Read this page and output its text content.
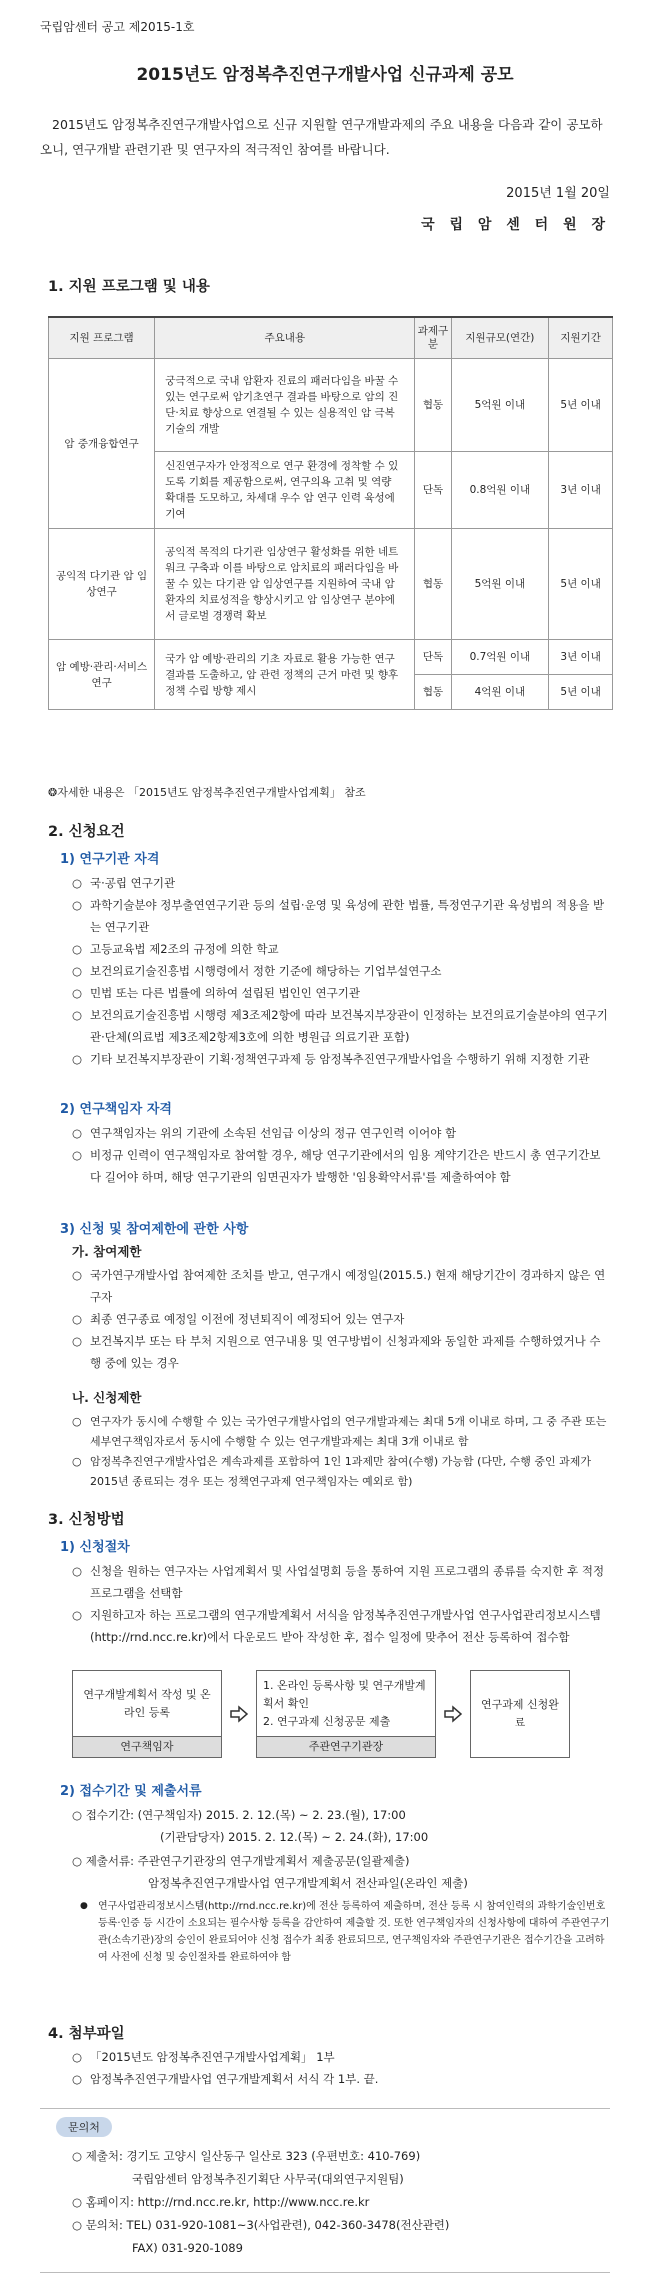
국립암센터 공고 제2015-1호
2015년도 암정복추진연구개발사업 신규과제 공모
2015년도 암정복추진연구개발사업으로 신규 지원할 연구개발과제의 주요 내용을 다음과 같이 공모하오니, 연구개발 관련기관 및 연구자의 적극적인 참여를 바랍니다.
2015년 1월 20일
국 립 암 센 터 원 장
1. 지원 프로그램 및 내용
지원 프로그램	주요내용	과제구분	지원규모(연간)	지원기간
암 중개융합연구	궁극적으로 국내 암환자 진료의 패러다임을 바꿀 수 있는 연구로써 암기초연구 결과를 바탕으로 암의 진단·치료 향상으로 연결될 수 있는 실용적인 암 극복 기술의 개발	협동	5억원 이내	5년 이내
	신진연구자가 안정적으로 연구 환경에 정착할 수 있도록 기회를 제공함으로써, 연구의욕 고취 및 역량 확대를 도모하고, 차세대 우수 암 연구 인력 육성에 기여	단독	0.8억원 이내	3년 이내
공익적 다기관 암 임상연구	공익적 목적의 다기관 임상연구 활성화를 위한 네트워크 구축과 이를 바탕으로 암치료의 패러다임을 바꿀 수 있는 다기관 암 임상연구를 지원하여 국내 암환자의 치료성적을 향상시키고 암 임상연구 분야에서 글로벌 경쟁력 확보	협동	5억원 이내	5년 이내
암 예방·관리·서비스 연구	국가 암 예방·관리의 기초 자료로 활용 가능한 연구결과를 도출하고, 암 관련 정책의 근거 마련 및 향후 정책 수립 방향 제시	단독	0.7억원 이내	3년 이내
		협동	4억원 이내	5년 이내
❂자세한 내용은 「2015년도 암정복추진연구개발사업계획」 참조
2. 신청요건
1) 연구기관 자격
○ 국·공립 연구기관
○ 과학기술분야 정부출연연구기관 등의 설립·운영 및 육성에 관한 법률, 특정연구기관 육성법의 적용을 받는 연구기관
○ 고등교육법 제2조의 규정에 의한 학교
○ 보건의료기술진흥법 시행령에서 정한 기준에 해당하는 기업부설연구소
○ 민법 또는 다른 법률에 의하여 설립된 법인인 연구기관
○ 보건의료기술진흥법 시행령 제3조제2항에 따라 보건복지부장관이 인정하는 보건의료기술분야의 연구기관·단체(의료법 제3조제2항제3호에 의한 병원급 의료기관 포함)
○ 기타 보건복지부장관이 기획·정책연구과제 등 암정복추진연구개발사업을 수행하기 위해 지정한 기관
2) 연구책임자 자격
○ 연구책임자는 위의 기관에 소속된 선임급 이상의 정규 연구인력 이어야 함
○ 비정규 인력이 연구책임자로 참여할 경우, 해당 연구기관에서의 임용 계약기간은 반드시 총 연구기간보다 길어야 하며, 해당 연구기관의 임면권자가 발행한 '임용확약서류'를 제출하여야 함
3) 신청 및 참여제한에 관한 사항
가. 참여제한
○ 국가연구개발사업 참여제한 조치를 받고, 연구개시 예정일(2015.5.) 현재 해당기간이 경과하지 않은 연구자
○ 최종 연구종료 예정일 이전에 정년퇴직이 예정되어 있는 연구자
○ 보건복지부 또는 타 부처 지원으로 연구내용 및 연구방법이 신청과제와 동일한 과제를 수행하였거나 수행 중에 있는 경우
나. 신청제한
○ 연구자가 동시에 수행할 수 있는 국가연구개발사업의 연구개발과제는 최대 5개 이내로 하며, 그 중 주관 또는 세부연구책임자로서 동시에 수행할 수 있는 연구개발과제는 최대 3개 이내로 함
○ 암정복추진연구개발사업은 계속과제를 포함하여 1인 1과제만 참여(수행) 가능함 (다만, 수행 중인 과제가 2015년 종료되는 경우 또는 정책연구과제 연구책임자는 예외로 함)
3. 신청방법
1) 신청절차
○ 신청을 원하는 연구자는 사업계획서 및 사업설명회 등을 통하여 지원 프로그램의 종류를 숙지한 후 적정 프로그램을 선택함
○ 지원하고자 하는 프로그램의 연구개발계획서 서식을 암정복추진연구개발사업 연구사업관리정보시스템(http://rnd.ncc.re.kr)에서 다운로드 받아 작성한 후, 접수 일정에 맞추어 전산 등록하여 접수함
연구개발계획서 작성 및 온라인 등록
연구책임자
1. 온라인 등록사항 및 연구개발계획서 확인
2. 연구과제 신청공문 제출
주관연구기관장
연구과제 신청완료
2) 접수기간 및 제출서류
○ 접수기간: (연구책임자) 2015. 2. 12.(목) ~ 2. 23.(월), 17:00
(기관담당자) 2015. 2. 12.(목) ~ 2. 24.(화), 17:00
○ 제출서류: 주관연구기관장의 연구개발계획서 제출공문(일괄제출)
암정복추진연구개발사업 연구개발계획서 전산파일(온라인 제출)
● 연구사업관리정보시스템(http://rnd.ncc.re.kr)에 전산 등록하여 제출하며, 전산 등록 시 참여인력의 과학기술인번호 등록·인증 등 시간이 소요되는 필수사항 등록을 감안하여 제출할 것. 또한 연구책임자의 신청사항에 대하여 주관연구기관(소속기관)장의 승인이 완료되어야 신청 접수가 최종 완료되므로, 연구책임자와 주관연구기관은 접수기간을 고려하여 사전에 신청 및 승인절차를 완료하여야 함
4. 첨부파일
○ 「2015년도 암정복추진연구개발사업계획」 1부
○ 암정복추진연구개발사업 연구개발계획서 서식 각 1부. 끝.
문의처
○ 제출처: 경기도 고양시 일산동구 일산로 323 (우편번호: 410-769)
국립암센터 암정복추진기획단 사무국(대외연구지원팀)
○ 홈페이지: http://rnd.ncc.re.kr, http://www.ncc.re.kr
○ 문의처: TEL) 031-920-1081~3(사업관련), 042-360-3478(전산관련)
FAX) 031-920-1089
